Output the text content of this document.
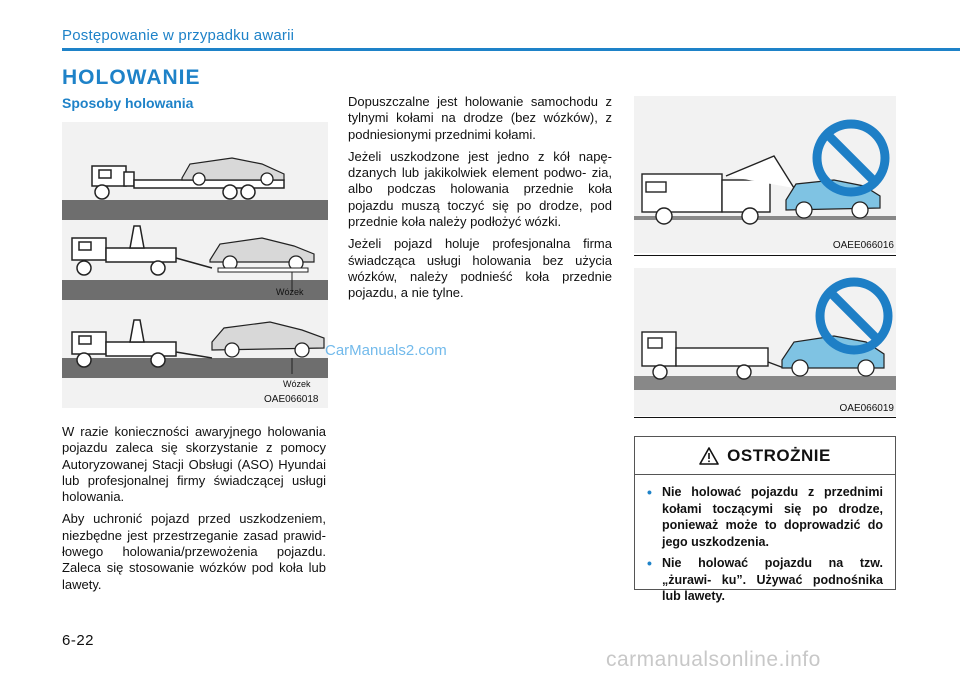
Postępowanie w przypadku awarii
HOLOWANIE
Sposoby holowania
Wózek
Wózek
OAE066018

W razie konieczności awaryjnego holowania pojazdu zaleca się skorzystanie z pomocy Autoryzowanej Stacji Obsługi (ASO) Hyundai lub profesjonalnej firmy świadczącej usługi holowania.

Aby uchronić pojazd przed uszkodzeniem, niezbędne jest przestrzeganie zasad prawid- łowego holowania/przewożenia pojazdu. Zaleca się stosowanie wózków pod koła lub lawety.

Dopuszczalne jest holowanie samochodu z tylnymi kołami na drodze (bez wózków), z podniesionymi przednimi kołami.

Jeżeli uszkodzone jest jedno z kół napę- dzanych lub jakikolwiek element podwo- zia, albo podczas holowania przednie koła pojazdu muszą toczyć się po drodze, pod przednie koła należy podłożyć wózki.

Jeżeli pojazd holuje profesjonalna firma świadcząca usługi holowania bez użycia wózków, należy podnieść koła przednie pojazdu, a nie tylne.

OAEE066016
OAE066019
OSTROŻNIE
• Nie holować pojazdu z przednimi kołami toczącymi się po drodze, ponieważ może to doprowadzić do jego uszkodzenia.
• Nie holować pojazdu na tzw. „żurawi- ku”. Używać podnośnika lub lawety.
CarManuals2.com
6-22
carmanualsonline.info
